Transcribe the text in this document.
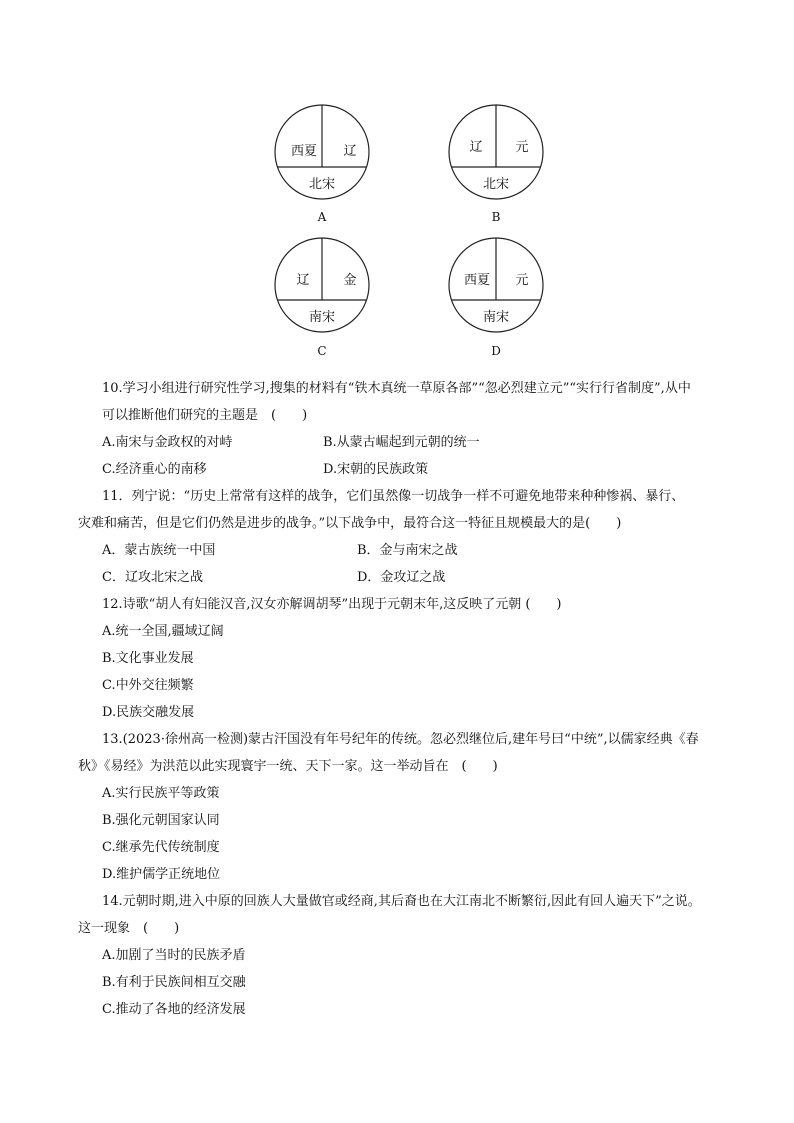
西夏 辽
北宋
A
辽	元
北宋
B
辽	金
南宋
C
西夏 元
南宋
D
10.学习小组进行研究性学习,搜集的材料有“铁木真统一草原各部”“忽必烈建立元”“实行行省制度”,从中
可以推断他们研究的主题是　(　　)
A.南宋与金政权的对峙	B.从蒙古崛起到元朝的统一
C.经济重心的南移	D.宋朝的民族政策
11．列宁说：“历史上常常有这样的战争，它们虽然像一切战争一样不可避免地带来种种惨祸、暴行、
灾难和痛苦，但是它们仍然是进步的战争。”以下战争中，最符合这一特征且规模最大的是(　　)
A．蒙古族统一中国	B．金与南宋之战
C．辽攻北宋之战	D．金攻辽之战
12.诗歌“胡人有妇能汉音,汉女亦解调胡琴”出现于元朝末年,这反映了元朝 (　　)
A.统一全国,疆域辽阔
B.文化事业发展
C.中外交往频繁
D.民族交融发展
13.(2023·徐州高一检测)蒙古汗国没有年号纪年的传统。忽必烈继位后,建年号曰“中统”,以儒家经典《春
秋》《易经》为洪范以此实现寰宇一统、天下一家。这一举动旨在　(　　)
A.实行民族平等政策
B.强化元朝国家认同
C.继承先代传统制度
D.维护儒学正统地位
14.元朝时期,进入中原的回族人大量做官或经商,其后裔也在大江南北不断繁衍,因此有回人遍天下”之说。
这一现象　(　　)
A.加剧了当时的民族矛盾
B.有利于民族间相互交融
C.推动了各地的经济发展
